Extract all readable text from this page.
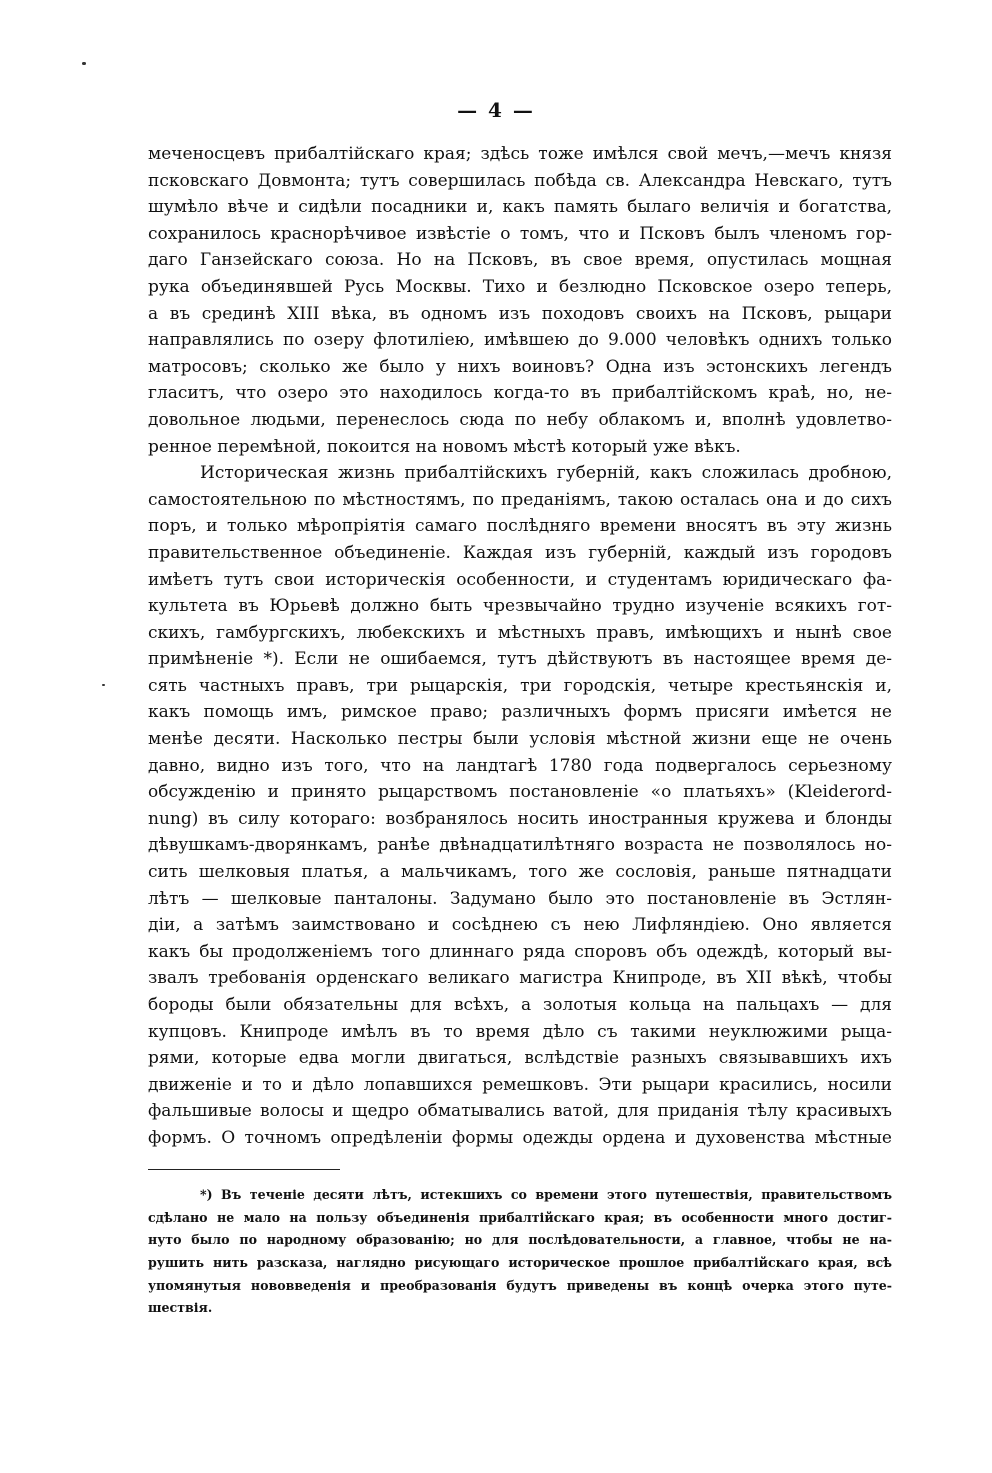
— 4 —
меченосцевъ прибалтійскаго края; здѣсь тоже имѣлся свой мечъ,—мечъ князя
псковскаго Довмонта; тутъ совершилась побѣда св. Александра Невскаго, тутъ
шумѣло вѣче и сидѣли посадники и, какъ память былаго величія и богатства,
сохранилось краснорѣчивое извѣстіе о томъ, что и Псковъ былъ членомъ гор-
даго Ганзейскаго союза. Но на Псковъ, въ свое время, опустилась мощная
рука объединявшей Русь Москвы. Тихо и безлюдно Псковское озеро теперь,
а въ срединѣ XIII вѣка, въ одномъ изъ походовъ своихъ на Псковъ, рыцари
направлялись по озеру флотиліею, имѣвшею до 9.000 человѣкъ однихъ только
матросовъ; сколько же было у нихъ воиновъ? Одна изъ эстонскихъ легендъ
гласитъ, что озеро это находилось когда-то въ прибалтійскомъ краѣ, но, не-
довольное людьми, перенеслось сюда по небу облакомъ и, вполнѣ удовлетво-
ренное перемѣной, покоится на новомъ мѣстѣ который уже вѣкъ.
Историческая жизнь прибалтійскихъ губерній, какъ сложилась дробною,
самостоятельною по мѣстностямъ, по преданіямъ, такою осталась она и до сихъ
поръ, и только мѣропріятія самаго послѣдняго времени вносятъ въ эту жизнь
правительственное объединеніе. Каждая изъ губерній, каждый изъ городовъ
имѣетъ тутъ свои историческія особенности, и студентамъ юридическаго фа-
культета въ Юрьевѣ должно быть чрезвычайно трудно изученіе всякихъ гот-
скихъ, гамбургскихъ, любекскихъ и мѣстныхъ правъ, имѣющихъ и нынѣ свое
примѣненіе *). Если не ошибаемся, тутъ дѣйствуютъ въ настоящее время де-
сять частныхъ правъ, три рыцарскія, три городскія, четыре крестьянскія и,
какъ помощь имъ, римское право; различныхъ формъ присяги имѣется не
менѣе десяти. Насколько пестры были условія мѣстной жизни еще не очень
давно, видно изъ того, что на ландтагѣ 1780 года подвергалось серьезному
обсужденію и принято рыцарствомъ постановленіе «о платьяхъ» (Kleiderord-
nung) въ силу котораго: возбранялось носить иностранныя кружева и блонды
дѣвушкамъ-дворянкамъ, ранѣе двѣнадцатилѣтняго возраста не позволялось но-
сить шелковыя платья, а мальчикамъ, того же сословія, раньше пятнадцати
лѣтъ — шелковые панталоны. Задумано было это постановленіе въ Эстлян-
діи, а затѣмъ заимствовано и сосѣднею съ нею Лифляндіею. Оно является
какъ бы продолженіемъ того длиннаго ряда споровъ объ одеждѣ, который вы-
звалъ требованія орденскаго великаго магистра Книпроде, въ XII вѣкѣ, чтобы
бороды были обязательны для всѣхъ, а золотыя кольца на пальцахъ — для
купцовъ. Книпроде имѣлъ въ то время дѣло съ такими неуклюжими рыца-
рями, которые едва могли двигаться, вслѣдствіе разныхъ связывавшихъ ихъ
движеніе и то и дѣло лопавшихся ремешковъ. Эти рыцари красились, носили
фальшивые волосы и щедро обматывались ватой, для приданія тѣлу красивыхъ
формъ. О точномъ опредѣленіи формы одежды ордена и духовенства мѣстные
*) Въ теченіе десяти лѣтъ, истекшихъ со времени этого путешествія, правительствомъ
сдѣлано не мало на пользу объединенія прибалтійскаго края; въ особенности много достиг-
нуто было по народному образованію; но для послѣдовательности, а главное, чтобы не на-
рушить нить разсказа, наглядно рисующаго историческое прошлое прибалтійскаго края, всѣ
упомянутыя нововведенія и преобразованія будутъ приведены въ концѣ очерка этого путе-
шествія.
